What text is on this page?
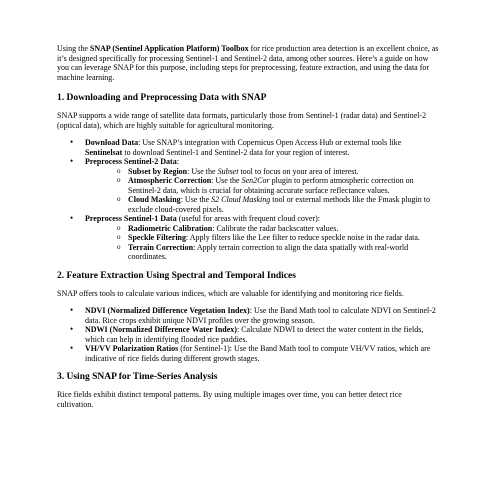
Using the SNAP (Sentinel Application Platform) Toolbox for rice production area detection is an excellent choice, as it’s designed specifically for processing Sentinel-1 and Sentinel-2 data, among other sources. Here’s a guide on how you can leverage SNAP for this purpose, including steps for preprocessing, feature extraction, and using the data for machine learning.

1. Downloading and Preprocessing Data with SNAP

SNAP supports a wide range of satellite data formats, particularly those from Sentinel-1 (radar data) and Sentinel-2 (optical data), which are highly suitable for agricultural monitoring.

• Download Data: Use SNAP’s integration with Copernicus Open Access Hub or external tools like Sentinelsat to download Sentinel-1 and Sentinel-2 data for your region of interest.
• Preprocess Sentinel-2 Data:
o Subset by Region: Use the Subset tool to focus on your area of interest.
o Atmospheric Correction: Use the Sen2Cor plugin to perform atmospheric correction on Sentinel-2 data, which is crucial for obtaining accurate surface reflectance values.
o Cloud Masking: Use the S2 Cloud Masking tool or external methods like the Fmask plugin to exclude cloud-covered pixels.
• Preprocess Sentinel-1 Data (useful for areas with frequent cloud cover):
o Radiometric Calibration: Calibrate the radar backscatter values.
o Speckle Filtering: Apply filters like the Lee filter to reduce speckle noise in the radar data.
o Terrain Correction: Apply terrain correction to align the data spatially with real-world coordinates.
2. Feature Extraction Using Spectral and Temporal Indices

SNAP offers tools to calculate various indices, which are valuable for identifying and monitoring rice fields.

• NDVI (Normalized Difference Vegetation Index): Use the Band Math tool to calculate NDVI on Sentinel-2 data. Rice crops exhibit unique NDVI profiles over the growing season.
• NDWI (Normalized Difference Water Index): Calculate NDWI to detect the water content in the fields, which can help in identifying flooded rice paddies.
• VH/VV Polarization Ratios (for Sentinel-1): Use the Band Math tool to compute VH/VV ratios, which are indicative of rice fields during different growth stages.
3. Using SNAP for Time-Series Analysis

Rice fields exhibit distinct temporal patterns. By using multiple images over time, you can better detect rice cultivation.
